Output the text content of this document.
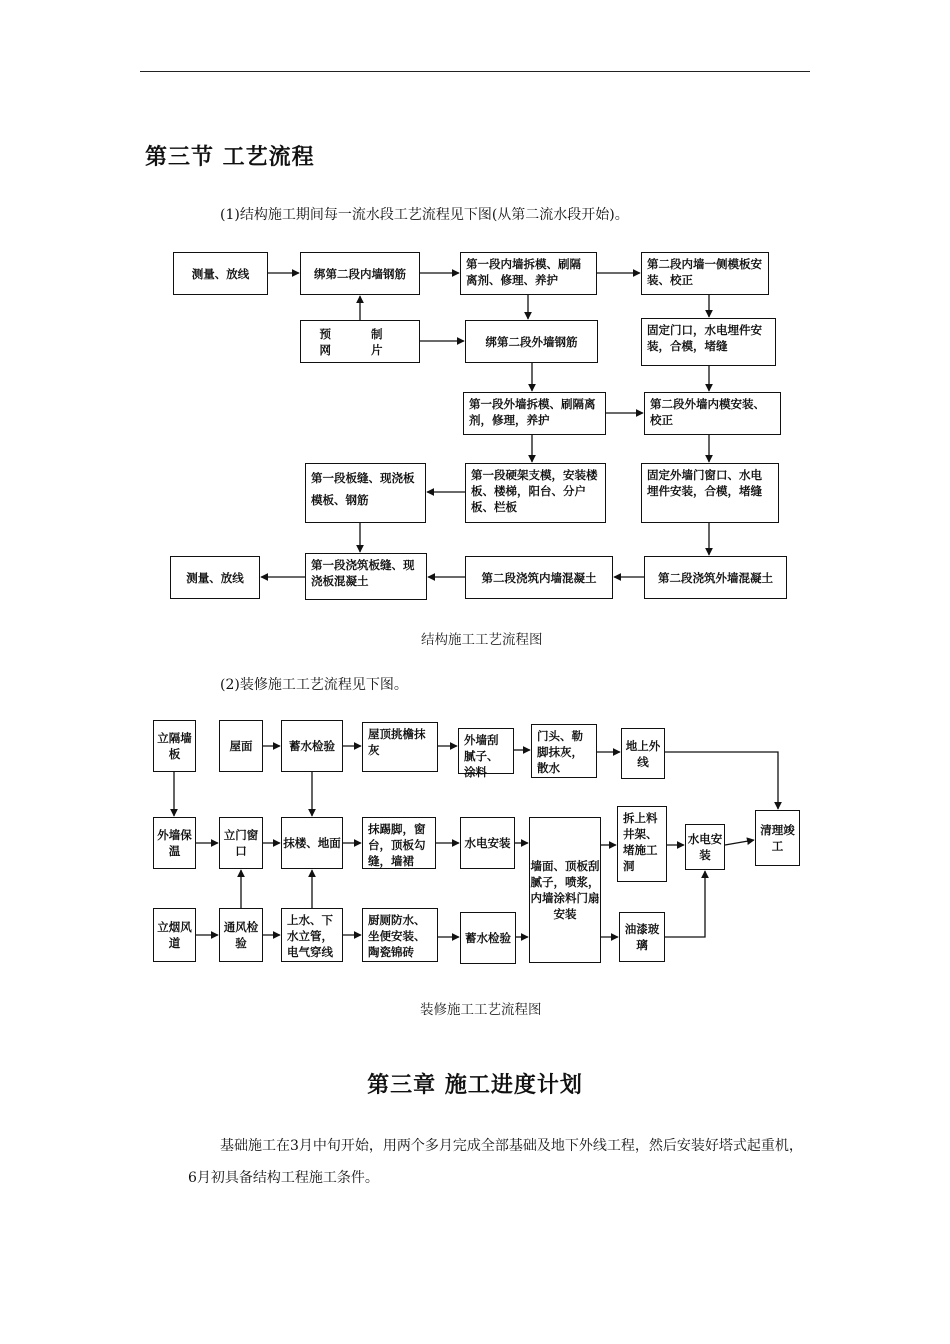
第三节 工艺流程
(1)结构施工期间每一流水段工艺流程见下图(从第二流水段开始)。
测量、放线	绑第二段内墙钢筋
第一段内墙拆模、刷隔离剂、修理、养护
第二段内墙一侧模板安装、校正
预 制 网 片
绑第二段外墙钢筋
固定门口，水电埋件安装，合模，堵缝
第一段外墙拆模、刷隔离剂，修理，养护
第二段外墙内模安装、校正
第一段板缝、现浇板模板、钢筋
第一段硬架支模，安装楼板、楼梯，阳台、分户板、栏板
固定外墙门窗口、水电埋件安装，合模，堵缝
测量、放线
第一段浇筑板缝、现浇板混凝土	第二段浇筑内墙混凝土	第二段浇筑外墙混凝土
结构施工工艺流程图
(2)装修施工工艺流程见下图。
立隔墙板
屋面	蓄水检验
屋顶挑檐抹灰
外墙刮腻子、涂料
门头、勒脚抹灰，散水
地上外线
外墙保温
立门窗口
抹楼、地面
抹踢脚，窗台，顶板勾缝，墙裙
水电安装
墙面、顶板刮腻子，喷浆，内墙涂料门扇安装
拆上料井架、堵施工洞
水电安装
清理竣工
立烟风道
通风检验
上水、下水立管，电气穿线
厨厕防水、坐便安装、陶瓷锦砖
蓄水检验
油漆玻璃
装修施工工艺流程图
第三章 施工进度计划
基础施工在3月中旬开始，用两个多月完成全部基础及地下外线工程，然后安装好塔式起重机，6月初具备结构工程施工条件。
